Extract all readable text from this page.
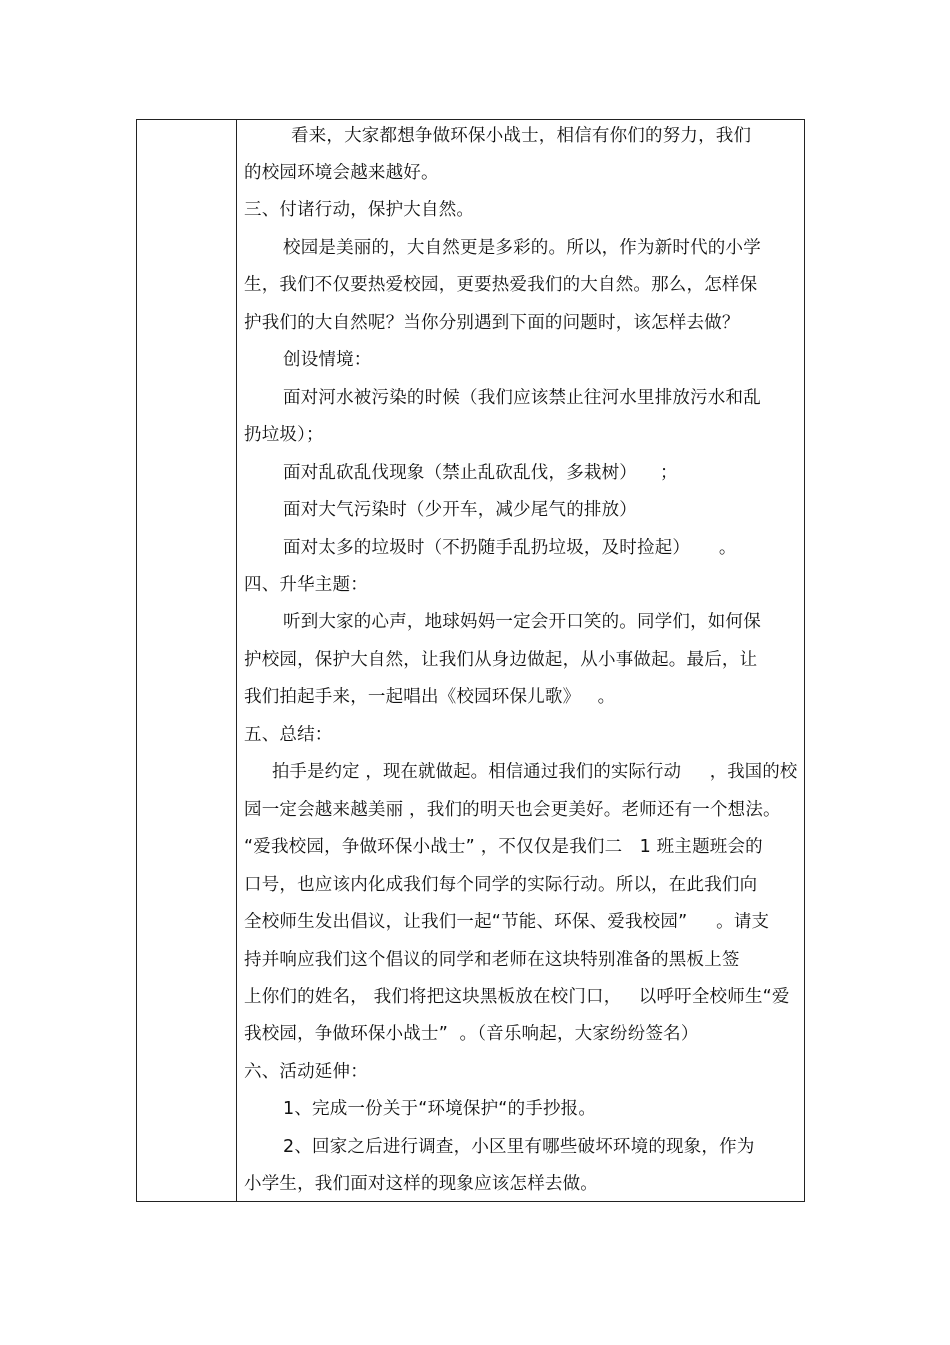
看来，大家都想争做环保小战士，相信有你们的努力，我们
的校园环境会越来越好。
三、付诸行动，保护大自然。
校园是美丽的，大自然更是多彩的。所以，作为新时代的小学
生，我们不仅要热爱校园，更要热爱我们的大自然。那么，怎样保
护我们的大自然呢？当你分别遇到下面的问题时，该怎样去做？
创设情境：
面对河水被污染的时候（我们应该禁止往河水里排放污水和乱
扔垃圾）；
面对乱砍乱伐现象（禁止乱砍乱伐，多栽树）    ；
面对大气污染时（少开车，减少尾气的排放）
面对太多的垃圾时（不扔随手乱扔垃圾，及时捡起）     。
四、升华主题：
听到大家的心声，地球妈妈一定会开口笑的。同学们，如何保
护校园，保护大自然，让我们从身边做起，从小事做起。最后，让
我们拍起手来，一起唱出《校园环保儿歌》   。
五、总结：
拍手是约定 ，现在就做起。相信通过我们的实际行动     ，我国的校
园一定会越来越美丽 ，我们的明天也会更美好。老师还有一个想法。
“爱我校园，争做环保小战士” ，不仅仅是我们二   1 班主题班会的
口号，也应该内化成我们每个同学的实际行动。所以，在此我们向
全校师生发出倡议，让我们一起“节能、环保、爱我校园”     。请支
持并响应我们这个倡议的同学和老师在这块特别准备的黑板上签
上你们的姓名， 我们将把这块黑板放在校门口，   以呼吁全校师生“爱
我校园，争做环保小战士”  。（音乐响起，大家纷纷签名）
六、活动延伸：
1、完成一份关于“环境保护“的手抄报。
2、回家之后进行调查，小区里有哪些破坏环境的现象，作为
小学生，我们面对这样的现象应该怎样去做。
